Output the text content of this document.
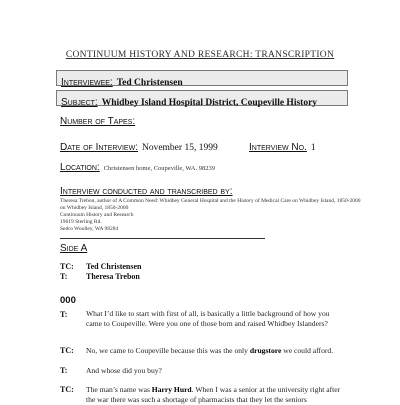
CONTINUUM HISTORY AND RESEARCH: TRANSCRIPTION
Interviewee: Ted Christensen
Subject: Whidbey Island Hospital District, Coupeville History
Number of Tapes:
Date of Interview: November 15, 1999	Interview No. 1
Location: Christensen home, Coupeville, WA. 98239
Interview conducted and transcribed by:
Theresa Trebon, author of A Common Need: Whidbey General Hospital and the History of Medical Care on Whidbey Island, 1850-2000
on Whidbey Island, 1850-2000
Continuum History and Research
19619 Sterling Rd.
Sedro Woolley, WA 98284
Side A
TC: Ted Christensen
T: Theresa Trebon
000
T: What I’d like to start with first of all, is basically a little background of how you came to Coupeville. Were you one of those born and raised Whidbey Islanders?
TC: No, we came to Coupeville because this was the only drugstore we could afford.
T: And whose did you buy?
TC: The man’s name was Harry Hurd. When I was a senior at the university right after the war there was such a shortage of pharmacists that they let the seniors
